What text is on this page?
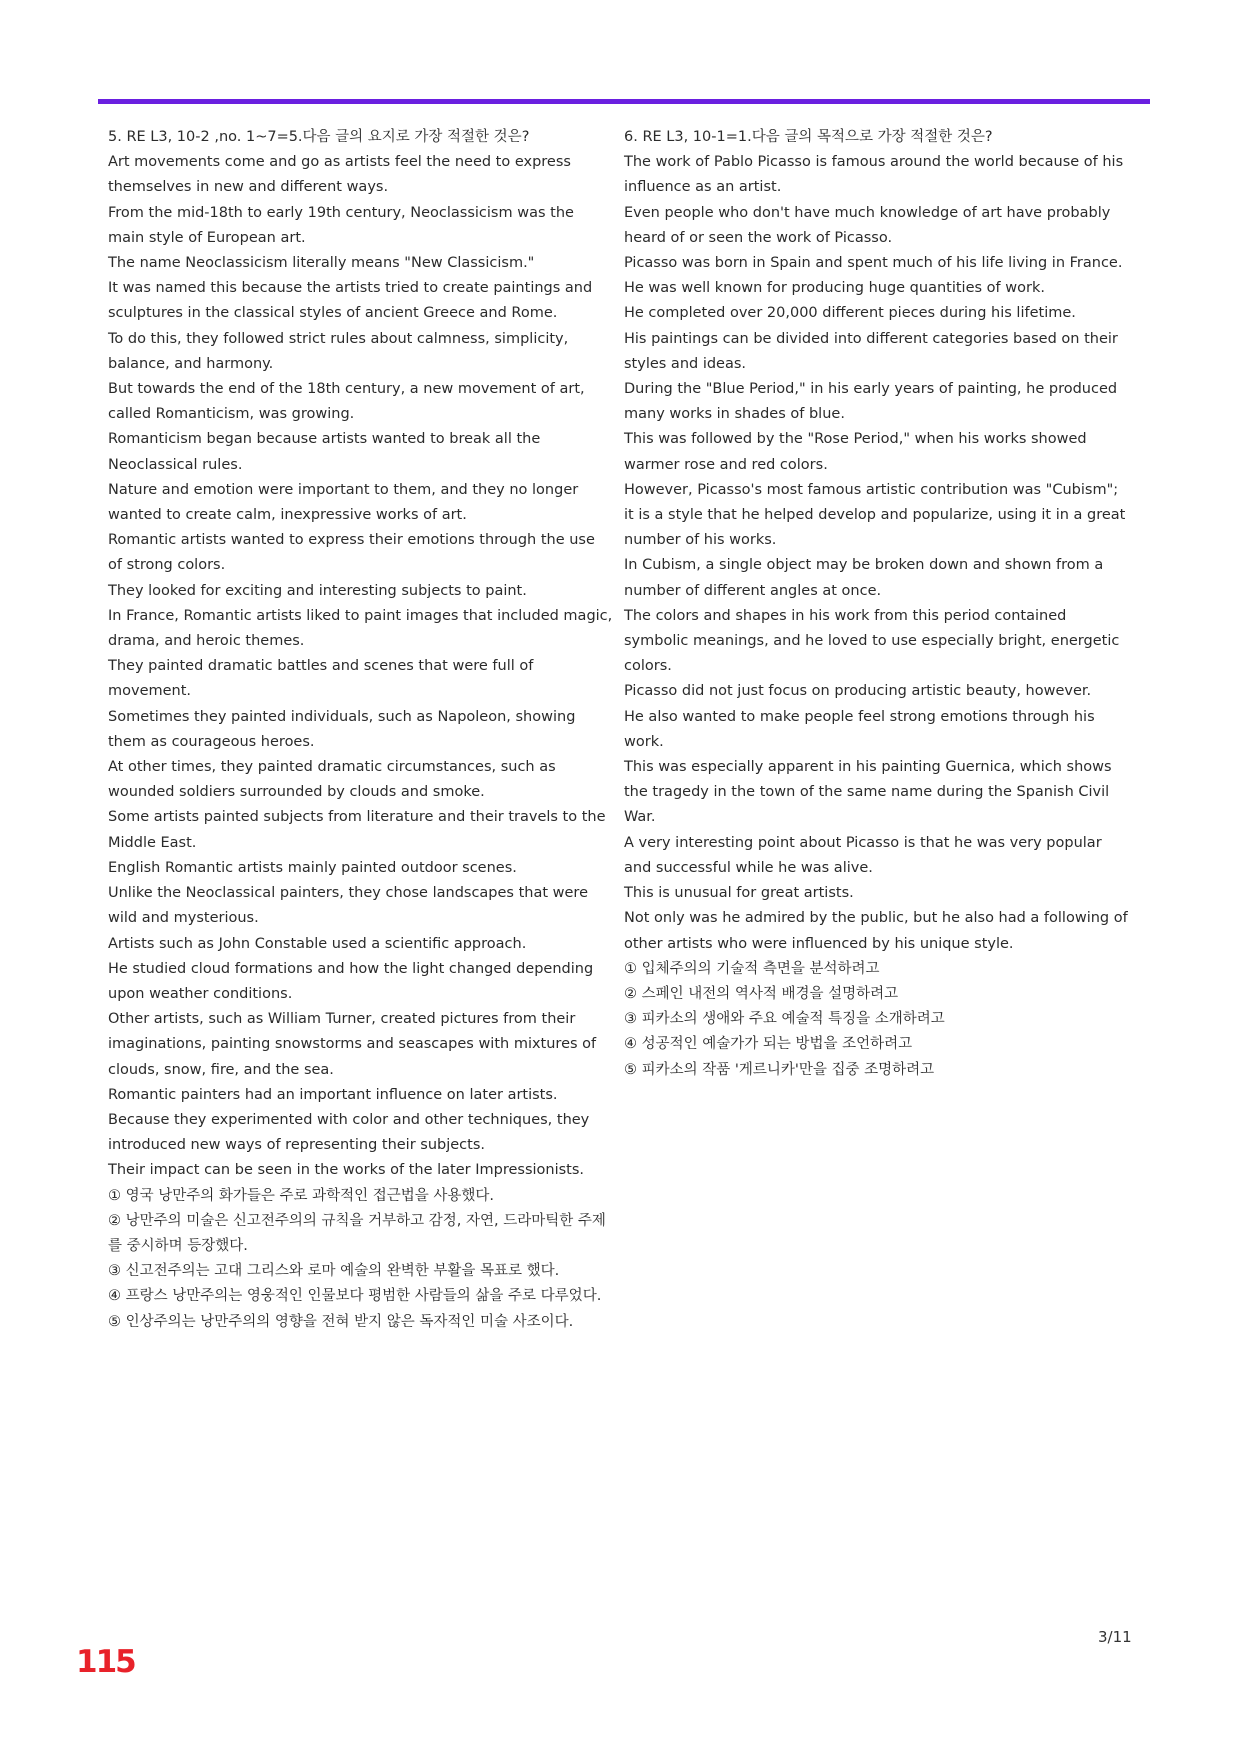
5. RE L3, 10-2 ,no. 1~7=5.다음 글의 요지로 가장 적절한 것은?

Art movements come and go as artists feel the need to express themselves in new and different ways.

From the mid-18th to early 19th century, Neoclassicism was the main style of European art.

The name Neoclassicism literally means "New Classicism."

It was named this because the artists tried to create paintings and sculptures in the classical styles of ancient Greece and Rome.

To do this, they followed strict rules about calmness, simplicity, balance, and harmony.

But towards the end of the 18th century, a new movement of art, called Romanticism, was growing.

Romanticism began because artists wanted to break all the Neoclassical rules.

Nature and emotion were important to them, and they no longer wanted to create calm, inexpressive works of art.

Romantic artists wanted to express their emotions through the use of strong colors.

They looked for exciting and interesting subjects to paint.

In France, Romantic artists liked to paint images that included magic, drama, and heroic themes.

They painted dramatic battles and scenes that were full of movement.

Sometimes they painted individuals, such as Napoleon, showing them as courageous heroes.

At other times, they painted dramatic circumstances, such as wounded soldiers surrounded by clouds and smoke.

Some artists painted subjects from literature and their travels to the Middle East.

English Romantic artists mainly painted outdoor scenes.

Unlike the Neoclassical painters, they chose landscapes that were wild and mysterious.

Artists such as John Constable used a scientific approach.

He studied cloud formations and how the light changed depending upon weather conditions.

Other artists, such as William Turner, created pictures from their imaginations, painting snowstorms and seascapes with mixtures of clouds, snow, fire, and the sea.

Romantic painters had an important influence on later artists.

Because they experimented with color and other techniques, they introduced new ways of representing their subjects.

Their impact can be seen in the works of the later Impressionists.

① 영국 낭만주의 화가들은 주로 과학적인 접근법을 사용했다.

② 낭만주의 미술은 신고전주의의 규칙을 거부하고 감정, 자연, 드라마틱한 주제를 중시하며 등장했다.

③ 신고전주의는 고대 그리스와 로마 예술의 완벽한 부활을 목표로 했다.

④ 프랑스 낭만주의는 영웅적인 인물보다 평범한 사람들의 삶을 주로 다루었다.

⑤ 인상주의는 낭만주의의 영향을 전혀 받지 않은 독자적인 미술 사조이다.

6. RE L3, 10-1=1.다음 글의 목적으로 가장 적절한 것은?

The work of Pablo Picasso is famous around the world because of his influence as an artist.

Even people who don't have much knowledge of art have probably heard of or seen the work of Picasso.

Picasso was born in Spain and spent much of his life living in France.

He was well known for producing huge quantities of work.

He completed over 20,000 different pieces during his lifetime.

His paintings can be divided into different categories based on their styles and ideas.

During the "Blue Period," in his early years of painting, he produced many works in shades of blue.

This was followed by the "Rose Period," when his works showed warmer rose and red colors.

However, Picasso's most famous artistic contribution was "Cubism"; it is a style that he helped develop and popularize, using it in a great number of his works.

In Cubism, a single object may be broken down and shown from a number of different angles at once.

The colors and shapes in his work from this period contained symbolic meanings, and he loved to use especially bright, energetic colors.

Picasso did not just focus on producing artistic beauty, however.

He also wanted to make people feel strong emotions through his work.

This was especially apparent in his painting Guernica, which shows the tragedy in the town of the same name during the Spanish Civil War.

A very interesting point about Picasso is that he was very popular and successful while he was alive.

This is unusual for great artists.

Not only was he admired by the public, but he also had a following of other artists who were influenced by his unique style.

① 입체주의의 기술적 측면을 분석하려고

② 스페인 내전의 역사적 배경을 설명하려고

③ 피카소의 생애와 주요 예술적 특징을 소개하려고

④ 성공적인 예술가가 되는 방법을 조언하려고

⑤ 피카소의 작품 '게르니카'만을 집중 조명하려고

3/11
115
